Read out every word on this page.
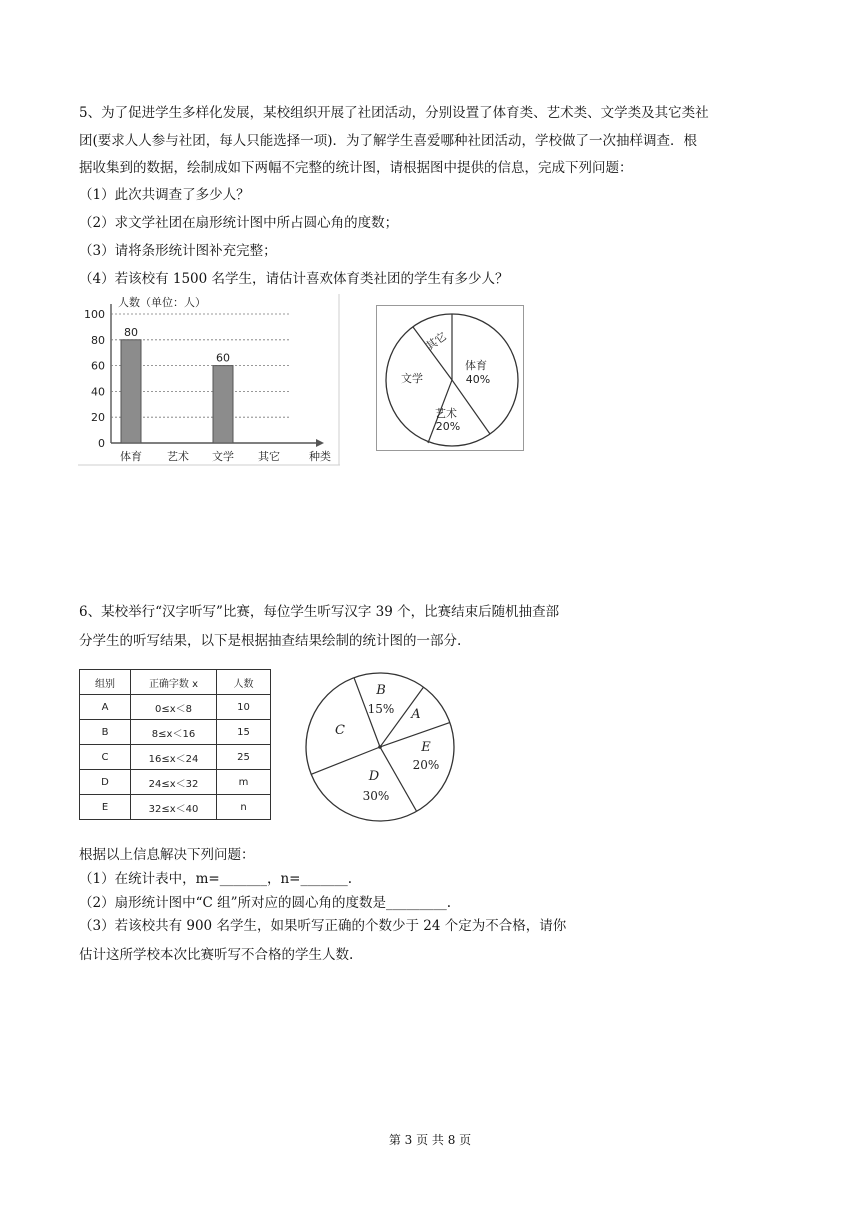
5、为了促进学生多样化发展，某校组织开展了社团活动，分别设置了体育类、艺术类、文学类及其它类社
团(要求人人参与社团，每人只能选择一项)．为了解学生喜爱哪种社团活动，学校做了一次抽样调查．根
据收集到的数据，绘制成如下两幅不完整的统计图，请根据图中提供的信息，完成下列问题：
（1）此次共调查了多少人？
（2）求文学社团在扇形统计图中所占圆心角的度数；
（3）请将条形统计图补充完整；
（4）若该校有 1500 名学生，请估计喜欢体育类社团的学生有多少人？
人数（单位：人）
0
20
40
60
80
100
80
60
体育 艺术 文学 其它	种类
体育
40%
艺术
20%
文学
其它
6、某校举行“汉字听写”比赛，每位学生听写汉字 39 个，比赛结束后随机抽查部
分学生的听写结果，以下是根据抽查结果绘制的统计图的一部分.
组别	正确字数 x	人数
A	0≤x＜8	10
B	8≤x＜16	15
C	16≤x＜24	25
D	24≤x＜32	m
E	32≤x＜40	n
B
15% A
E
20%
D
30%
C
根据以上信息解决下列问题：
（1）在统计表中，m=_______，n=_______.
（2）扇形统计图中“C 组”所对应的圆心角的度数是_________.
（3）若该校共有 900 名学生，如果听写正确的个数少于 24 个定为不合格，请你
估计这所学校本次比赛听写不合格的学生人数.
第 3 页 共 8 页
